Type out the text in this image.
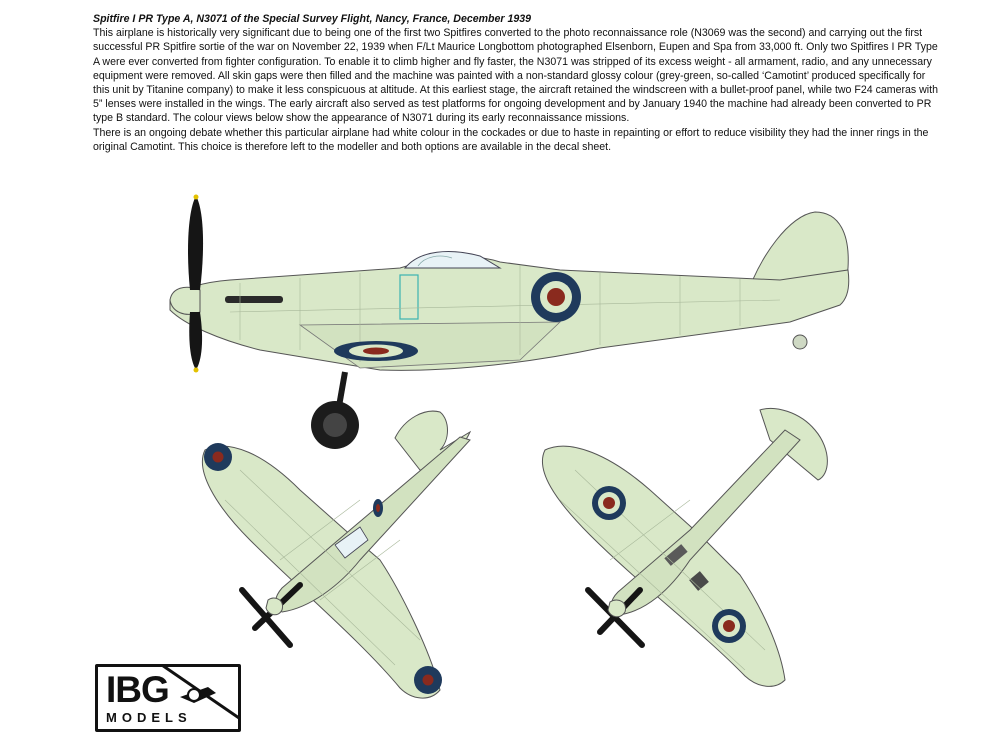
Spitfire I PR Type A, N3071 of the Special Survey Flight, Nancy, France, December 1939

This airplane is historically very significant due to being one of the first two Spitfires converted to the photo reconnaissance role (N3069 was the second) and carrying out the first successful PR Spitfire sortie of the war on November 22, 1939 when F/Lt Maurice Longbottom photographed Elsenborn, Eupen and Spa from 33,000 ft. Only two Spitfires I PR Type A were ever converted from fighter configuration. To enable it to climb higher and fly faster, the N3071 was stripped of its excess weight - all armament, radio, and any unnecessary equipment were removed. All skin gaps were then filled and the machine was painted with a non-standard glossy colour (grey-green, so-called ‘Camotint’ produced specifically for this unit by Titanine company) to make it less conspicuous at altitude. At this earliest stage, the aircraft retained the windscreen with a bullet-proof panel, while two F24 cameras with 5” lenses were installed in the wings. The early aircraft also served as test platforms for ongoing development and by January 1940 the machine had already been converted to PR type B standard. The colour views below show the appearance of N3071 during its early reconnaissance missions.

There is an ongoing debate whether this particular airplane had white colour in the cockades or due to haste in repainting or effort to reduce visibility they had the inner rings in the original Camotint. This choice is therefore left to the modeller and both options are available in the decal sheet.

IBG
MODELS
